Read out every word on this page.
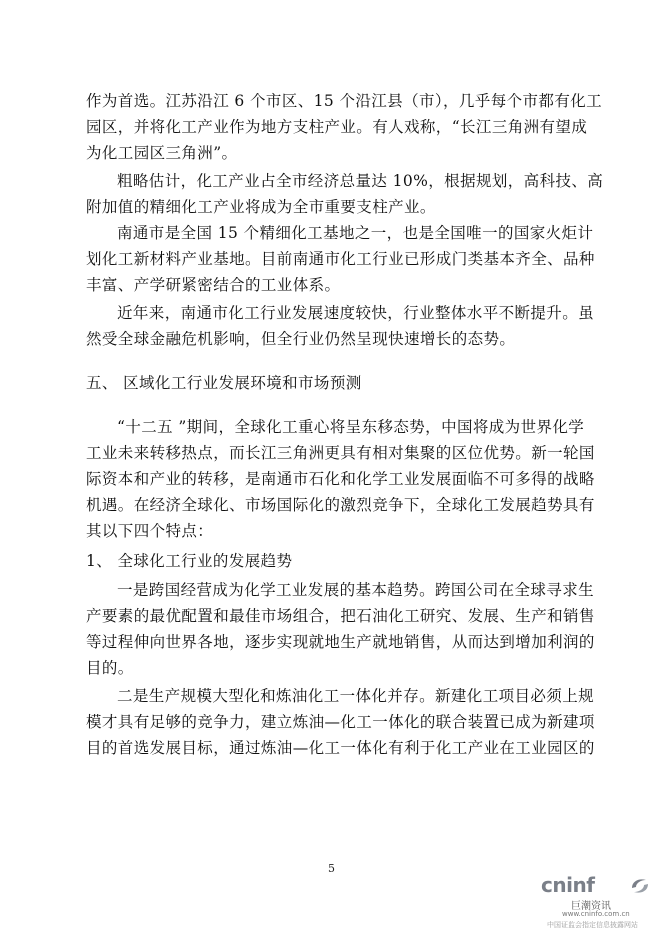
作为首选。江苏沿江 6 个市区、15 个沿江县（市），几乎每个市都有化工
园区，并将化工产业作为地方支柱产业。有人戏称，“长江三角洲有望成
为化工园区三角洲”。

粗略估计，化工产业占全市经济总量达 10%，根据规划，高科技、高
附加值的精细化工产业将成为全市重要支柱产业。

南通市是全国 15 个精细化工基地之一，也是全国唯一的国家火炬计
划化工新材料产业基地。目前南通市化工行业已形成门类基本齐全、品种
丰富、产学研紧密结合的工业体系。

近年来，南通市化工行业发展速度较快，行业整体水平不断提升。虽
然受全球金融危机影响，但全行业仍然呈现快速增长的态势。

五、 区域化工行业发展环境和市场预测

“十二五 ”期间，全球化工重心将呈东移态势，中国将成为世界化学
工业未来转移热点，而长江三角洲更具有相对集聚的区位优势。新一轮国
际资本和产业的转移，是南通市石化和化学工业发展面临不可多得的战略
机遇。在经济全球化、市场国际化的激烈竞争下，全球化工发展趋势具有
其以下四个特点：

1、 全球化工行业的发展趋势

一是跨国经营成为化学工业发展的基本趋势。跨国公司在全球寻求生
产要素的最优配置和最佳市场组合，把石油化工研究、发展、生产和销售
等过程伸向世界各地，逐步实现就地生产就地销售，从而达到增加利润的
目的。

二是生产规模大型化和炼油化工一体化并存。新建化工项目必须上规
模才具有足够的竞争力，建立炼油—化工一体化的联合装置已成为新建项
目的首选发展目标，通过炼油—化工一体化有利于化工产业在工业园区的

5
cninf
巨潮资讯
www.cninfo.com.cn
中国证监会指定信息披露网站
